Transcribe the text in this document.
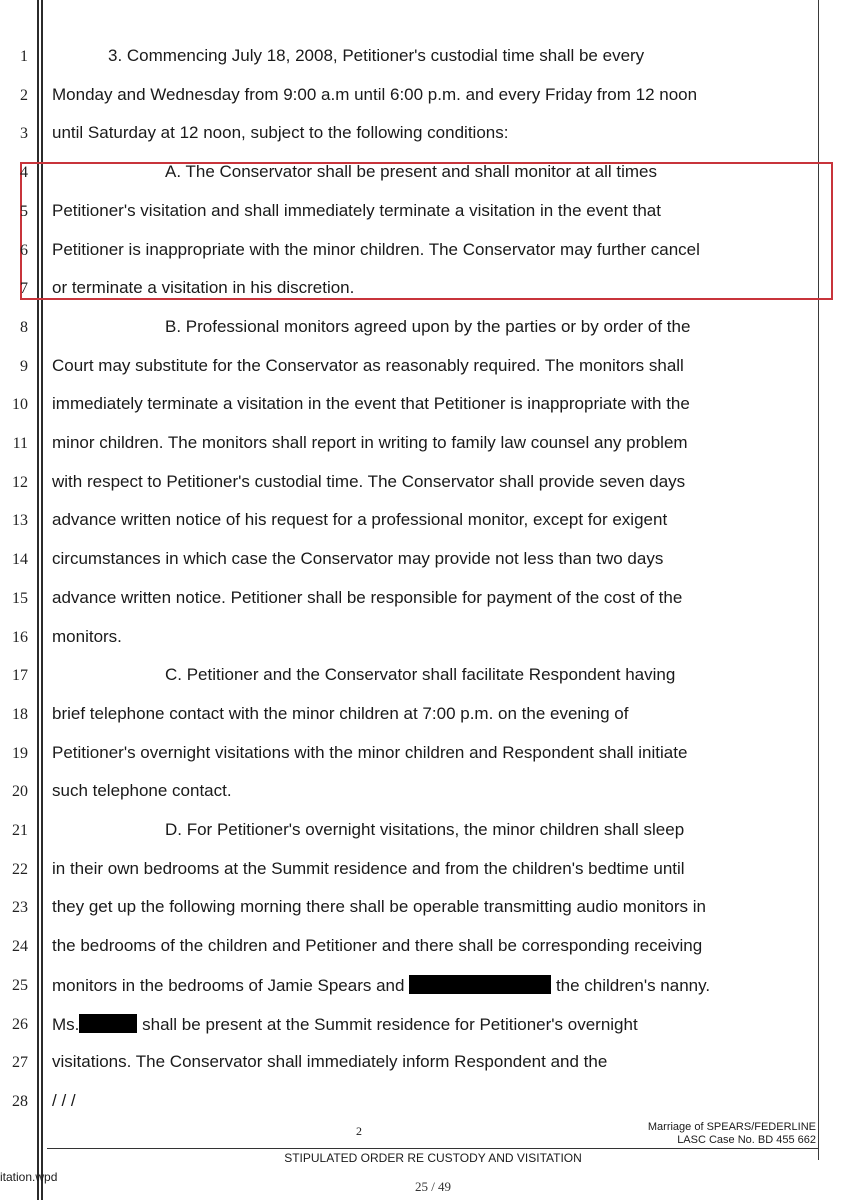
1
2
3
4
5
6
7
8
9
10
11
12
13
14
15
16
17
18
19
20
21
22
23
24
25
26
27
28
3. Commencing July 18, 2008, Petitioner's custodial time shall be every
Monday and Wednesday from 9:00 a.m until 6:00 p.m. and every Friday from 12 noon
until Saturday at 12 noon, subject to the following conditions:
A. The Conservator shall be present and shall monitor at all times
Petitioner's visitation and shall immediately terminate a visitation in the event that
Petitioner is inappropriate with the minor children. The Conservator may further cancel
or terminate a visitation in his discretion.
B. Professional monitors agreed upon by the parties or by order of the
Court may substitute for the Conservator as reasonably required. The monitors shall
immediately terminate a visitation in the event that Petitioner is inappropriate with the
minor children. The monitors shall report in writing to family law counsel any problem
with respect to Petitioner's custodial time. The Conservator shall provide seven days
advance written notice of his request for a professional monitor, except for exigent
circumstances in which case the Conservator may provide not less than two days
advance written notice. Petitioner shall be responsible for payment of the cost of the
monitors.
C. Petitioner and the Conservator shall facilitate Respondent having
brief telephone contact with the minor children at 7:00 p.m. on the evening of
Petitioner's overnight visitations with the minor children and Respondent shall initiate
such telephone contact.
D. For Petitioner's overnight visitations, the minor children shall sleep
in their own bedrooms at the Summit residence and from the children's bedtime until
they get up the following morning there shall be operable transmitting audio monitors in
the bedrooms of the children and Petitioner and there shall be corresponding receiving
monitors in the bedrooms of Jamie Spears and	the children's nanny.
Ms.	shall be present at the Summit residence for Petitioner's overnight
visitations. The Conservator shall immediately inform Respondent and the
/ / /
2	Marriage of SPEARS/FEDERLINE
LASC Case No. BD 455 662
STIPULATED ORDER RE CUSTODY AND VISITATION
itation.wpd
25 / 49
